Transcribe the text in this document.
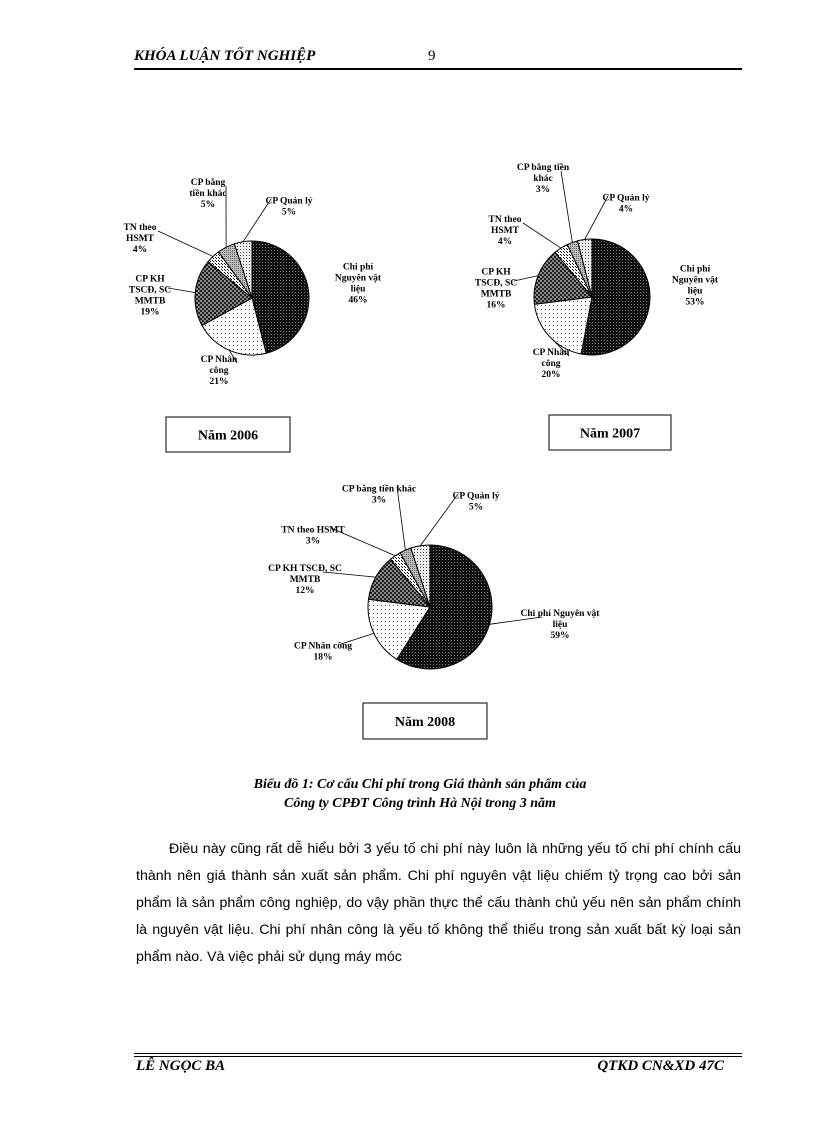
KHÓA LUẬN TỐT NGHIỆP	9
Chi phí Nguyên vật liệu 46%
CP Nhân công 21%
CP KH TSCĐ, SC MMTB 19%
TN theo HSMT 4%
CP bằng tiền khác 5%	CP Quản lý 5%
Năm 2006
Chi phí Nguyên vật liệu 53%
CP Nhân công 20%
CP KH TSCĐ, SC MMTB 16%
TN theo HSMT 4%
CP bằng tiền khác 3%
CP Quản lý 4%
Năm 2007
Chi phí Nguyên vật liệu 59%
CP Nhân công 18%
CP KH TSCĐ, SC MMTB 12%
TN theo HSMT 3%
CP bằng tiền khác 3%	CP Quản lý 5%
Năm 2008
Biểu đồ 1: Cơ cấu Chi phí trong Giá thành sản phẩm của
Công ty CPĐT Công trình Hà Nội trong 3 năm
Điều này cũng rất dễ hiểu bởi 3 yếu tố chi phí này luôn là những yếu tố chi phí chính cấu thành nên giá thành sản xuất sản phẩm. Chi phí nguyên vật liệu chiếm tỷ trọng cao bởi sản phẩm là sản phẩm công nghiệp, do vậy phần thực thể cấu thành chủ yếu nên sản phẩm chính là nguyên vật liệu. Chi phí nhân công là yếu tố không thể thiếu trong sản xuất bất kỳ loại sản phẩm nào. Và việc phải sử dụng máy móc
LÊ NGỌC BA	QTKD CN&XD 47C
